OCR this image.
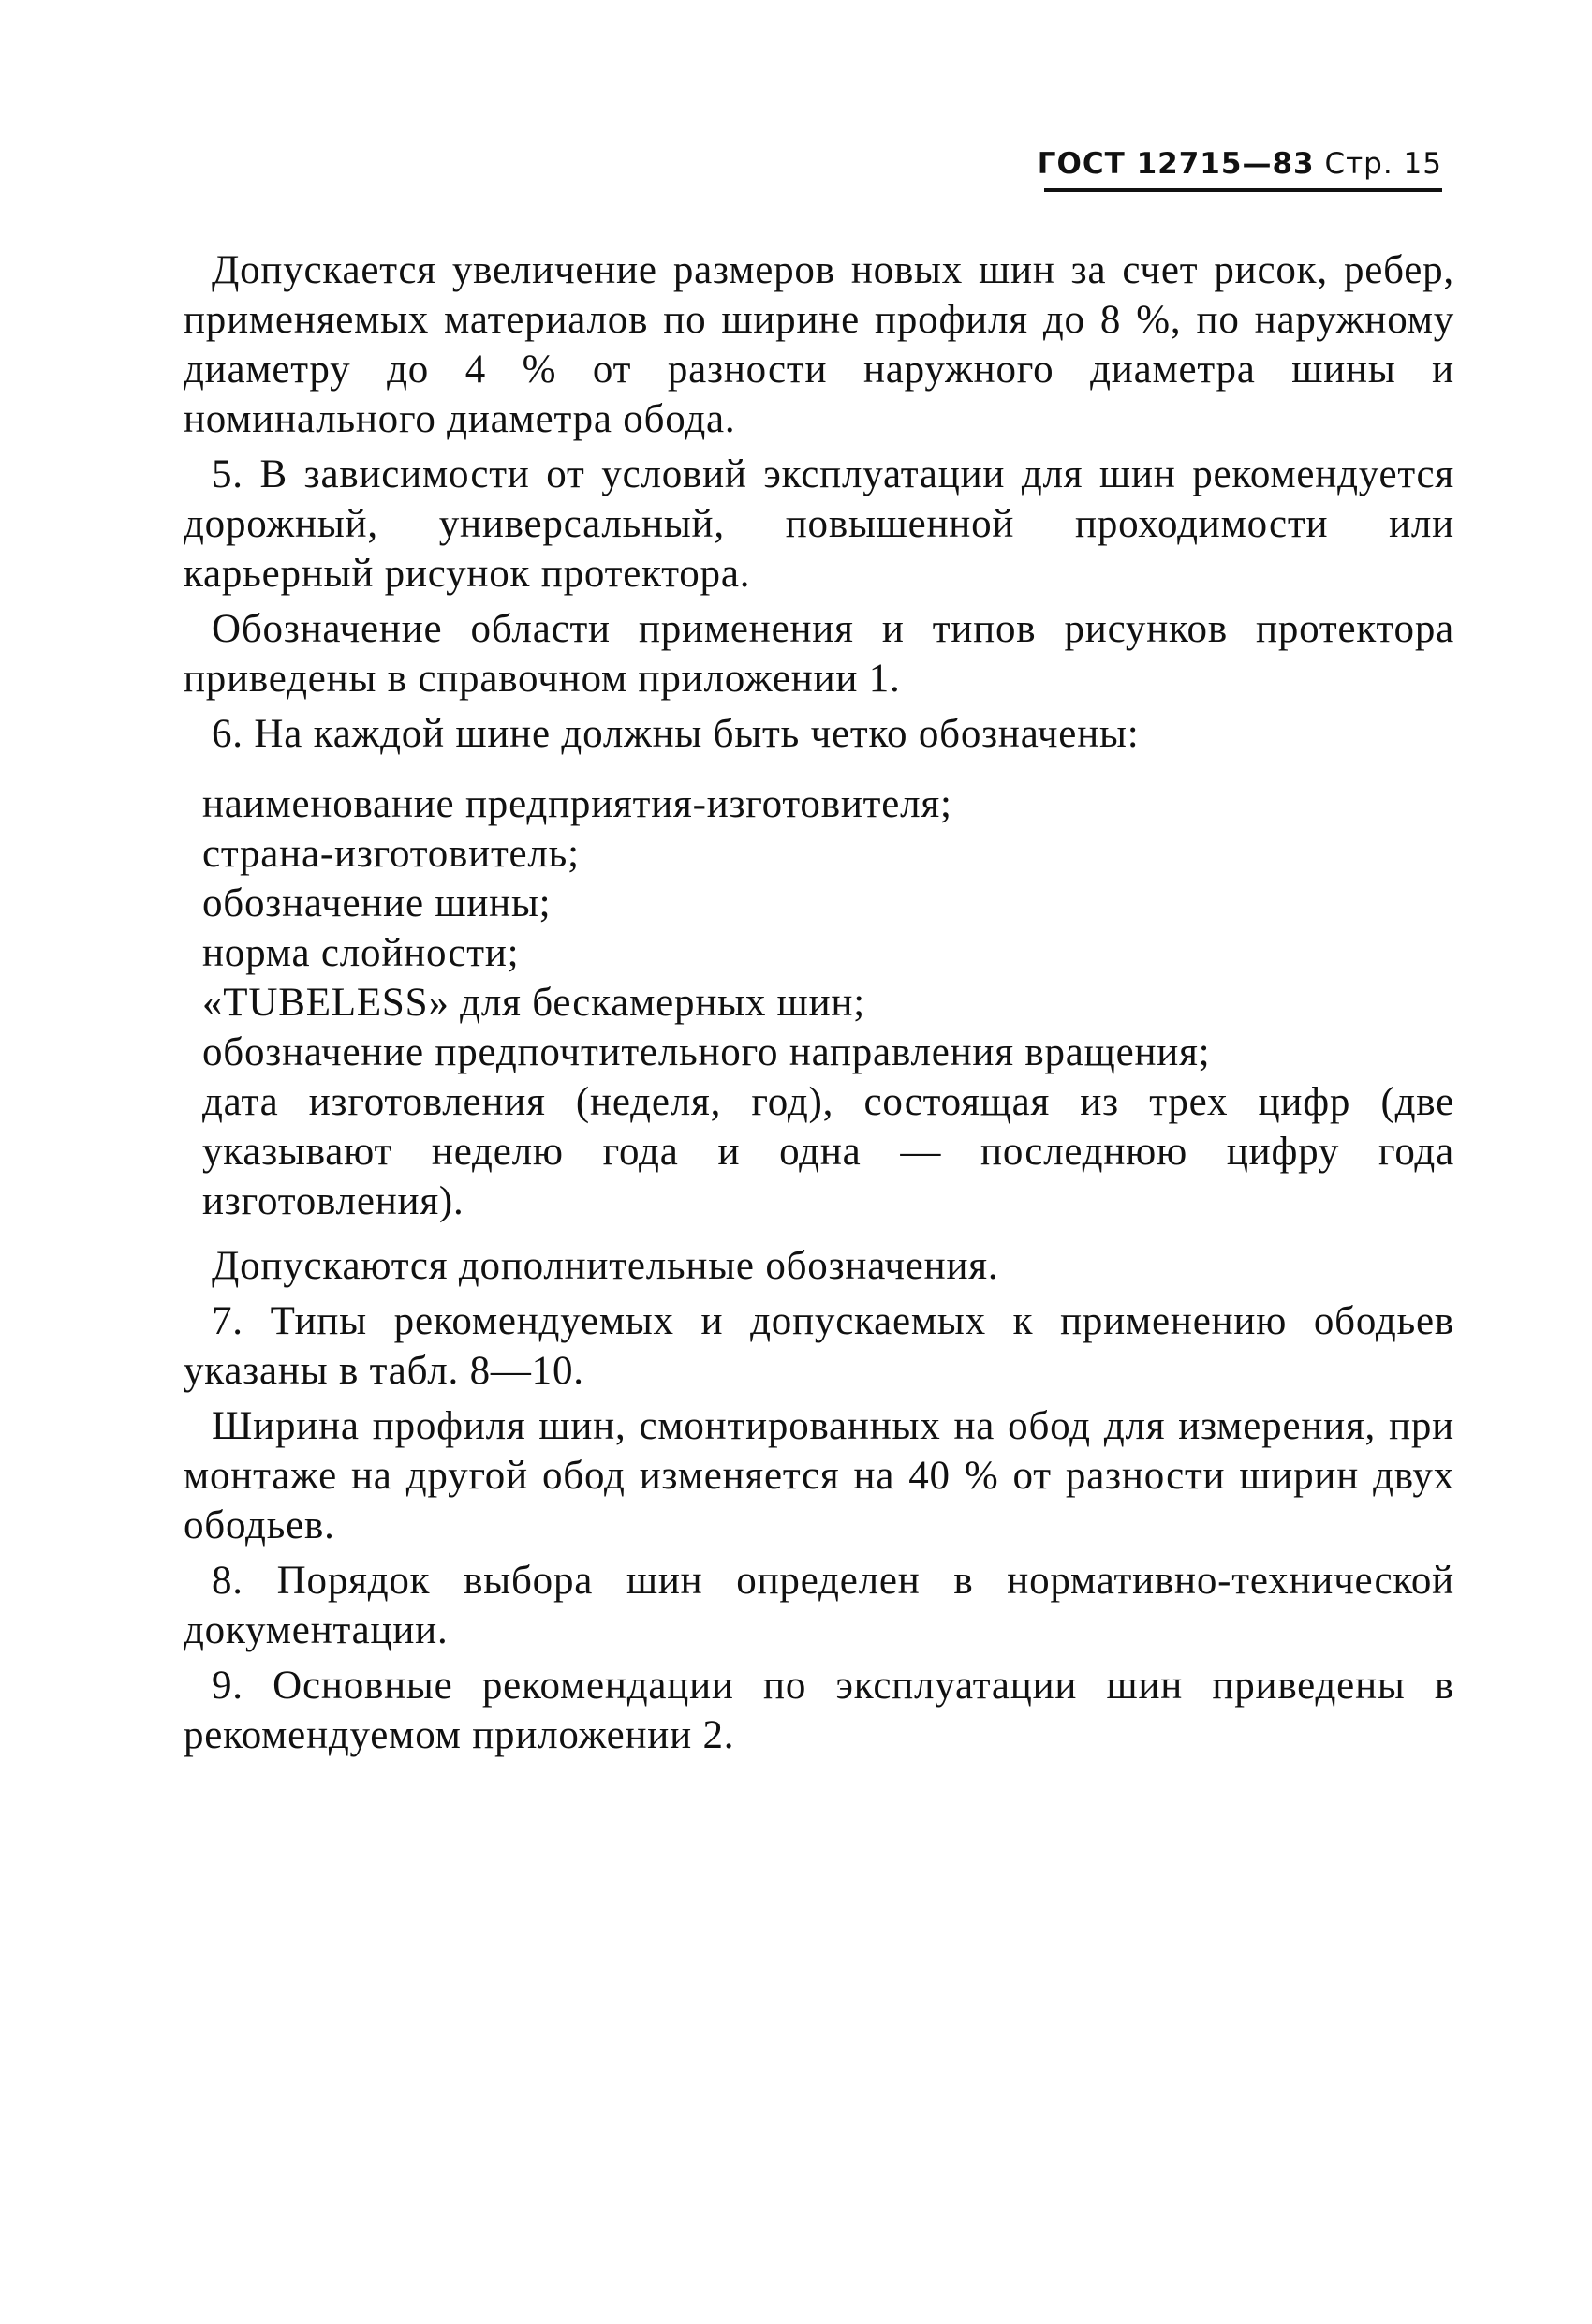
ГОСТ 12715—83 Стр. 15

Допускается увеличение размеров новых шин за счет рисок, ребер, применяемых материалов по ширине профиля до 8 %, по наружному диаметру до 4 % от разности наружного диаметра шины и номинального диаметра обода.

5. В зависимости от условий эксплуатации для шин рекомендуется дорожный, универсальный, повышенной проходимости или карьерный рисунок протектора.

Обозначение области применения и типов рисунков протектора приведены в справочном приложении 1.

6. На каждой шине должны быть четко обозначены:

наименование предприятия-изготовителя;
страна-изготовитель;
обозначение шины;
норма слойности;
«TUBELESS» для бескамерных шин;
обозначение предпочтительного направления вращения;
дата изготовления (неделя, год), состоящая из трех цифр (две указывают неделю года и одна — последнюю цифру года изготовления).

Допускаются дополнительные обозначения.

7. Типы рекомендуемых и допускаемых к применению ободьев указаны в табл. 8—10.

Ширина профиля шин, смонтированных на обод для измерения, при монтаже на другой обод изменяется на 40 % от разности ширин двух ободьев.

8. Порядок выбора шин определен в нормативно-технической документации.

9. Основные рекомендации по эксплуатации шин приведены в рекомендуемом приложении 2.
